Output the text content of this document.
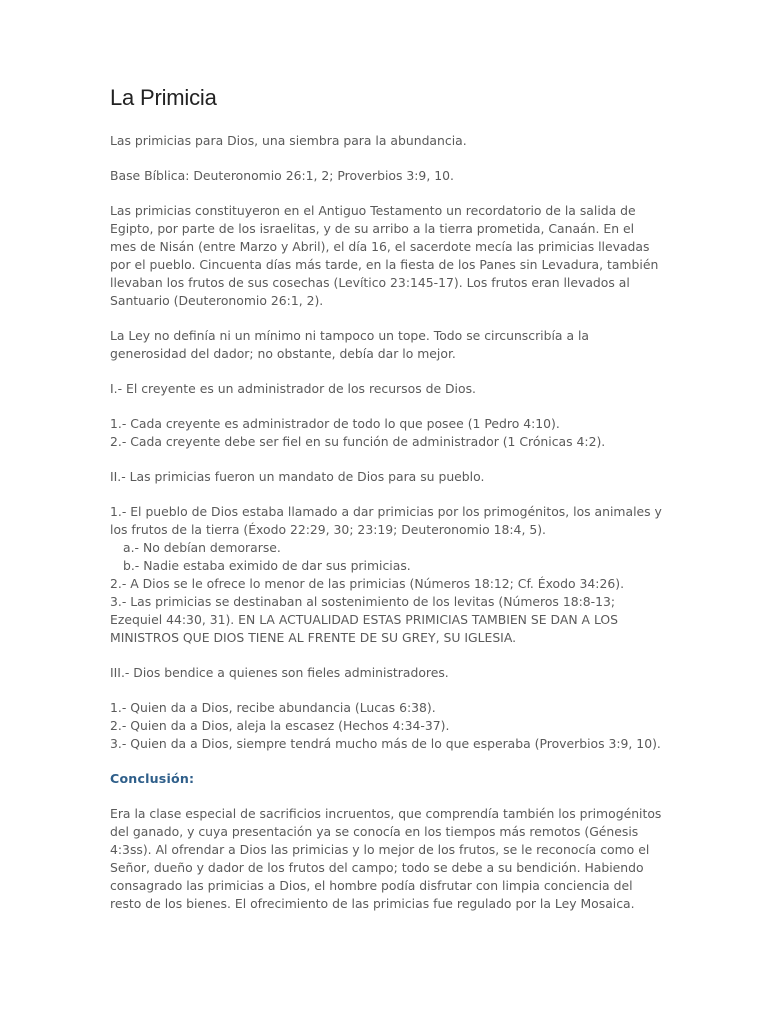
La Primicia

Las primicias para Dios, una siembra para la abundancia.

Base Bíblica: Deuteronomio 26:1, 2; Proverbios 3:9, 10.

Las primicias constituyeron en el Antiguo Testamento un recordatorio de la salida de Egipto, por parte de los israelitas, y de su arribo a la tierra prometida, Canaán. En el mes de Nisán (entre Marzo y Abril), el día 16, el sacerdote mecía las primicias llevadas por el pueblo. Cincuenta días más tarde, en la fiesta de los Panes sin Levadura, también llevaban los frutos de sus cosechas (Levítico 23:145-17). Los frutos eran llevados al Santuario (Deuteronomio 26:1, 2).

La Ley no definía ni un mínimo ni tampoco un tope. Todo se circunscribía a la generosidad del dador; no obstante, debía dar lo mejor.

I.- El creyente es un administrador de los recursos de Dios.

1.- Cada creyente es administrador de todo lo que posee (1 Pedro 4:10).
2.- Cada creyente debe ser fiel en su función de administrador (1 Crónicas 4:2).

II.- Las primicias fueron un mandato de Dios para su pueblo.

1.- El pueblo de Dios estaba llamado a dar primicias por los primogénitos, los animales y los frutos de la tierra (Éxodo 22:29, 30; 23:19; Deuteronomio 18:4, 5).
a.- No debían demorarse.
b.- Nadie estaba eximido de dar sus primicias.
2.- A Dios se le ofrece lo menor de las primicias (Números 18:12; Cf. Éxodo 34:26).
3.- Las primicias se destinaban al sostenimiento de los levitas (Números 18:8-13; Ezequiel 44:30, 31). EN LA ACTUALIDAD ESTAS PRIMICIAS TAMBIEN SE DAN A LOS MINISTROS QUE DIOS TIENE AL FRENTE DE SU GREY, SU IGLESIA.

III.- Dios bendice a quienes son fieles administradores.

1.- Quien da a Dios, recibe abundancia (Lucas 6:38).
2.- Quien da a Dios, aleja la escasez (Hechos 4:34-37).
3.- Quien da a Dios, siempre tendrá mucho más de lo que esperaba (Proverbios 3:9, 10).
Conclusión:

Era la clase especial de sacrificios incruentos, que comprendía también los primogénitos del ganado, y cuya presentación ya se conocía en los tiempos más remotos (Génesis 4:3ss). Al ofrendar a Dios las primicias y lo mejor de los frutos, se le reconocía como el Señor, dueño y dador de los frutos del campo; todo se debe a su bendición. Habiendo consagrado las primicias a Dios, el hombre podía disfrutar con limpia conciencia del resto de los bienes. El ofrecimiento de las primicias fue regulado por la Ley Mosaica.
